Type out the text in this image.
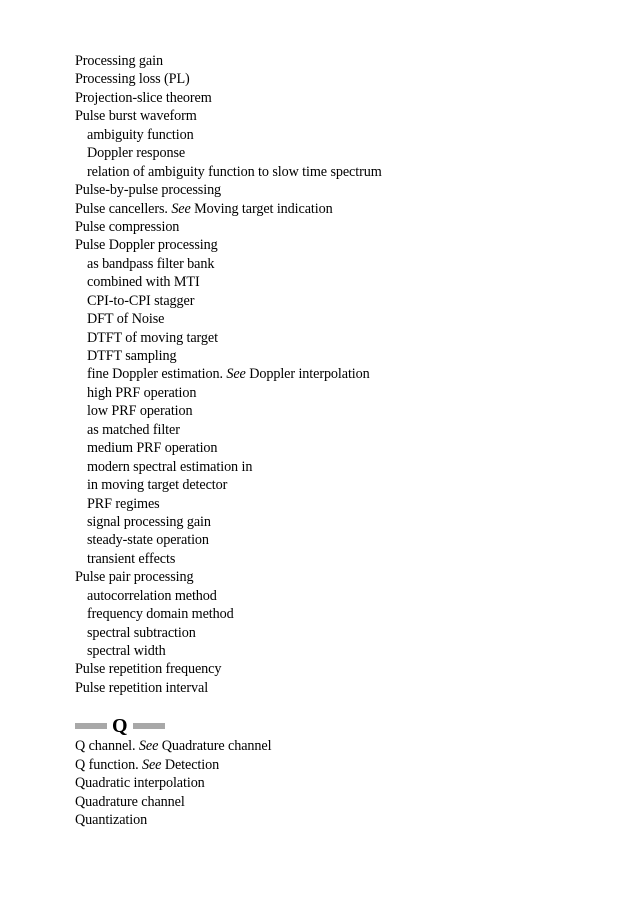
Processing gain
Processing loss (PL)
Projection-slice theorem
Pulse burst waveform
ambiguity function
Doppler response
relation of ambiguity function to slow time spectrum
Pulse-by-pulse processing
Pulse cancellers. See Moving target indication
Pulse compression
Pulse Doppler processing
as bandpass filter bank
combined with MTI
CPI-to-CPI stagger
DFT of Noise
DTFT of moving target
DTFT sampling
fine Doppler estimation. See Doppler interpolation
high PRF operation
low PRF operation
as matched filter
medium PRF operation
modern spectral estimation in
in moving target detector
PRF regimes
signal processing gain
steady-state operation
transient effects
Pulse pair processing
autocorrelation method
frequency domain method
spectral subtraction
spectral width
Pulse repetition frequency
Pulse repetition interval
Q
Q channel. See Quadrature channel
Q function. See Detection
Quadratic interpolation
Quadrature channel
Quantization
